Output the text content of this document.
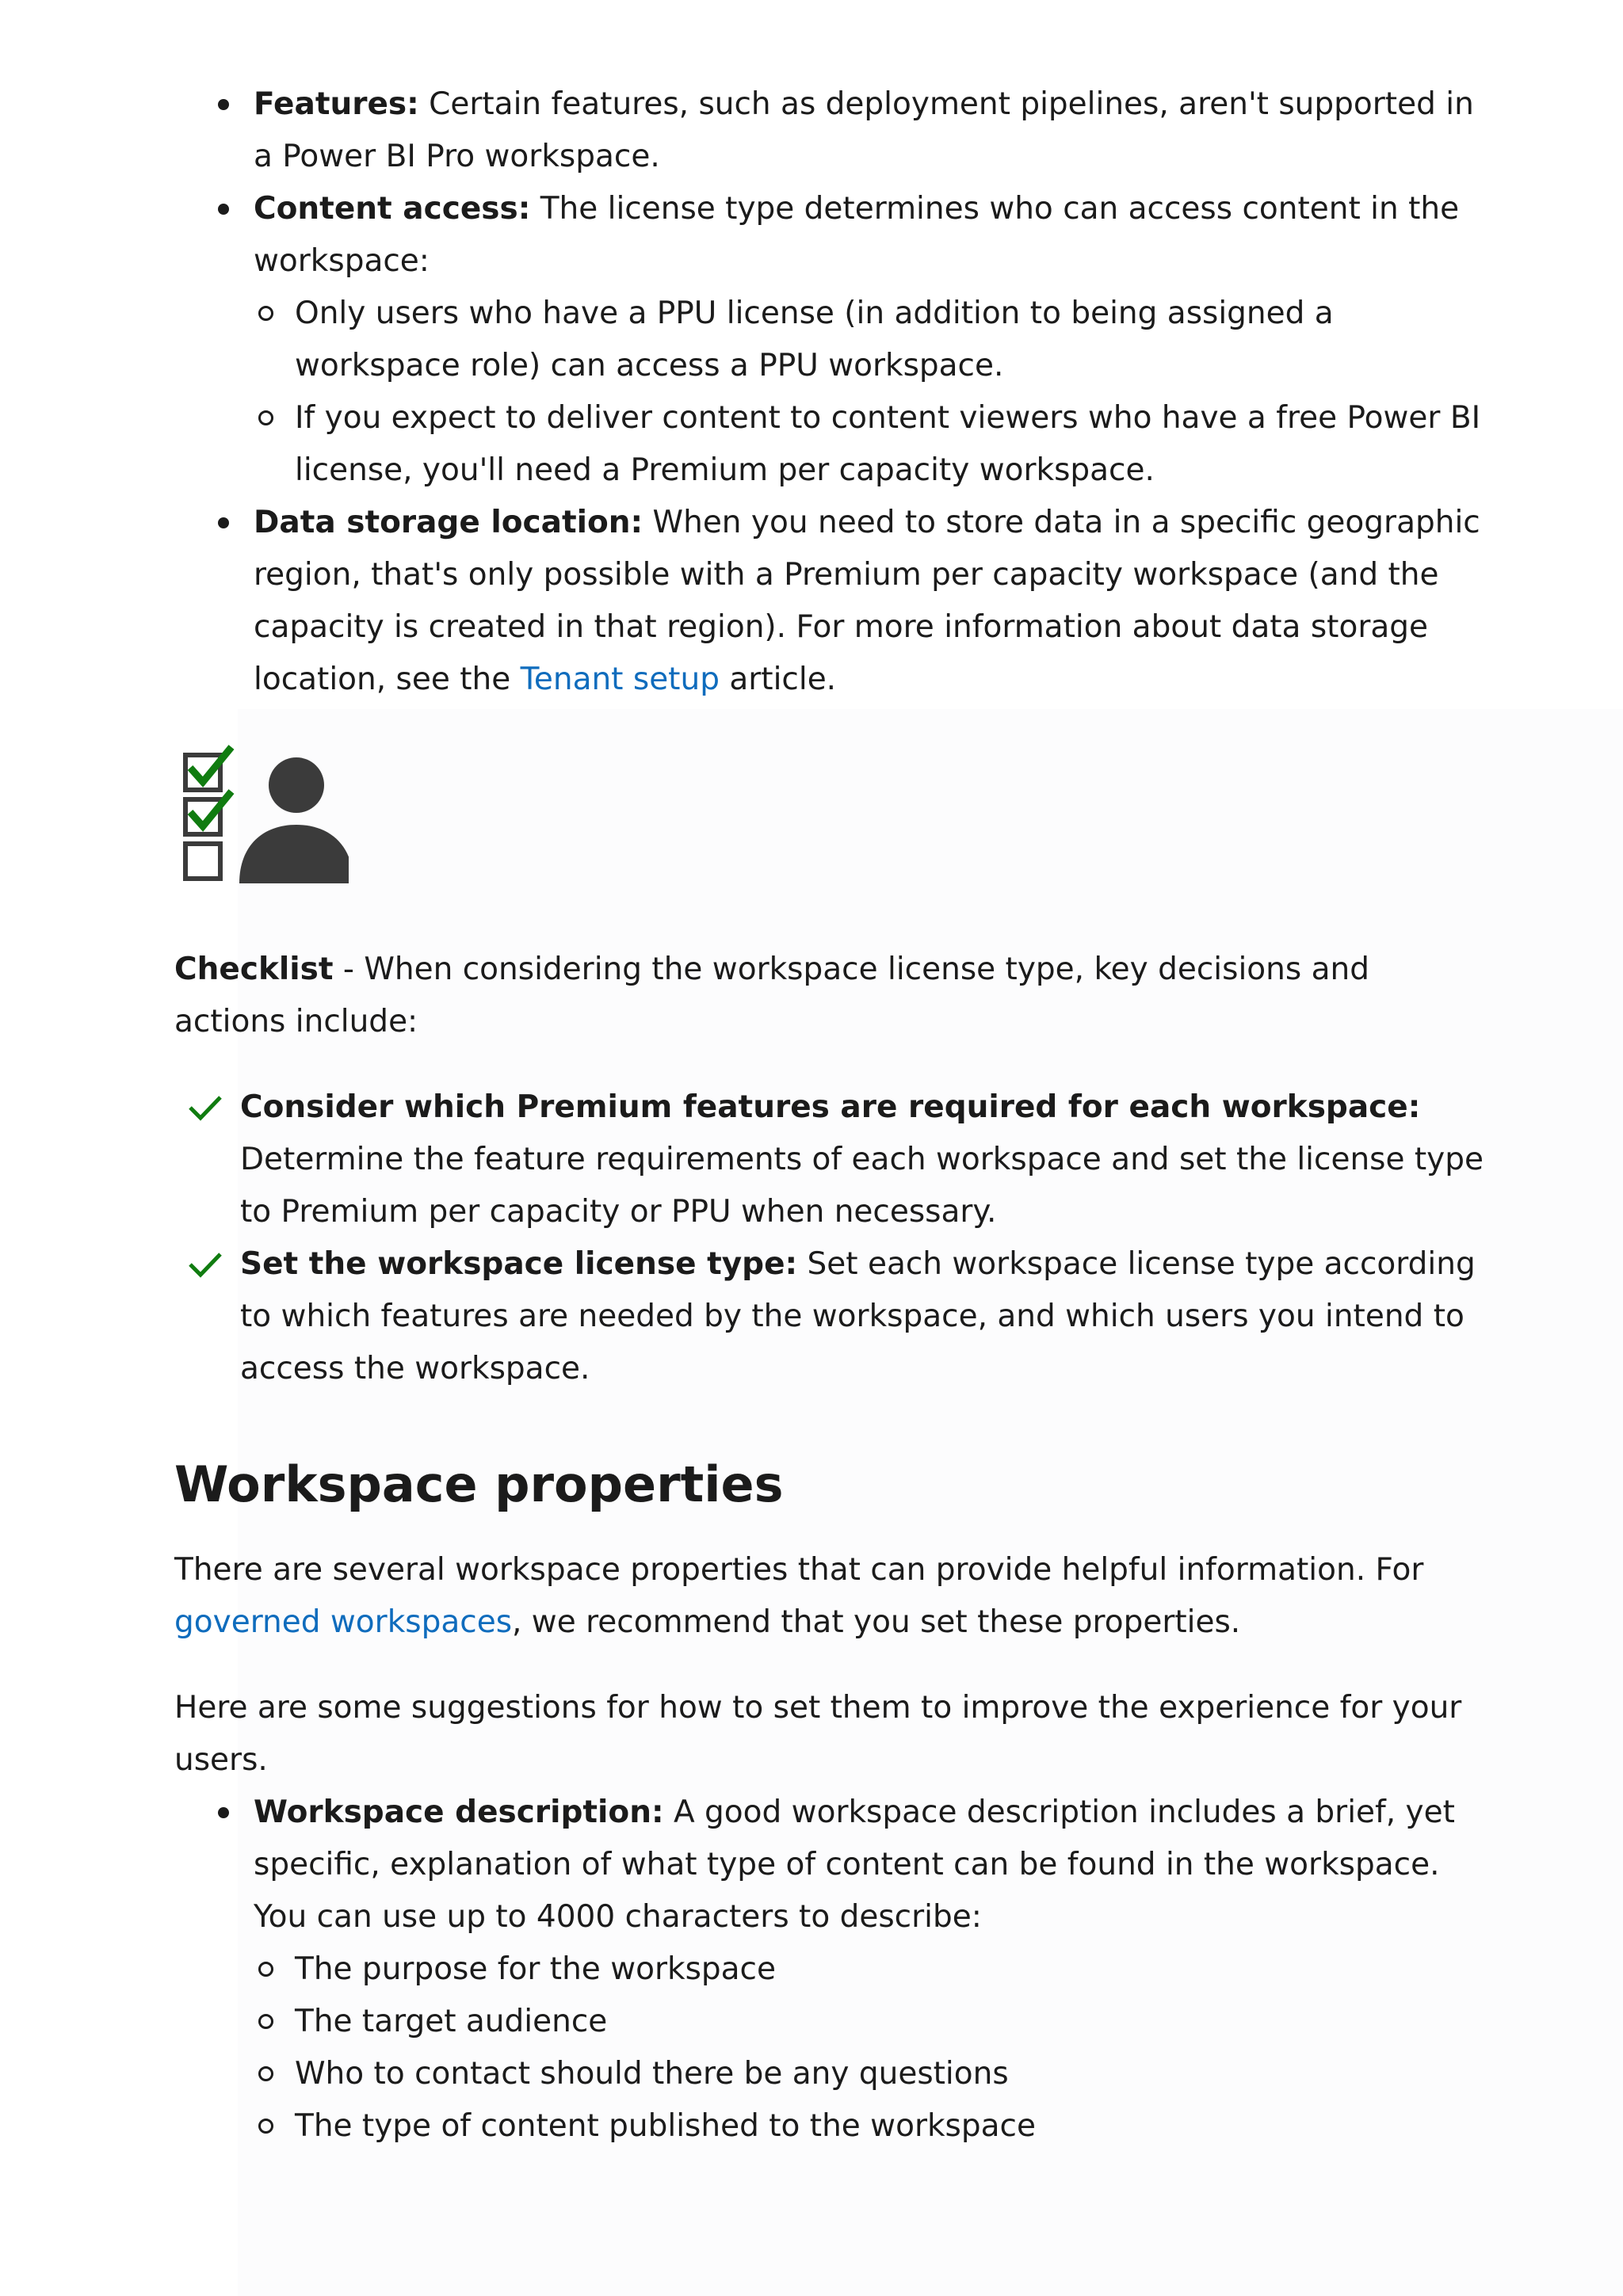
Features: Certain features, such as deployment pipelines, aren't supported in a Power BI Pro workspace.
Content access: The license type determines who can access content in the workspace:
Only users who have a PPU license (in addition to being assigned a workspace role) can access a PPU workspace.
If you expect to deliver content to content viewers who have a free Power BI license, you'll need a Premium per capacity workspace.
Data storage location: When you need to store data in a specific geographic region, that's only possible with a Premium per capacity workspace (and the capacity is created in that region). For more information about data storage location, see the Tenant setup article.

Checklist - When considering the workspace license type, key decisions and actions include:

Consider which Premium features are required for each workspace: Determine the feature requirements of each workspace and set the license type to Premium per capacity or PPU when necessary.
Set the workspace license type: Set each workspace license type according to which features are needed by the workspace, and which users you intend to access the workspace.
Workspace properties

There are several workspace properties that can provide helpful information. For governed workspaces, we recommend that you set these properties.

Here are some suggestions for how to set them to improve the experience for your users.

Workspace description: A good workspace description includes a brief, yet specific, explanation of what type of content can be found in the workspace. You can use up to 4000 characters to describe:
The purpose for the workspace
The target audience
Who to contact should there be any questions
The type of content published to the workspace
